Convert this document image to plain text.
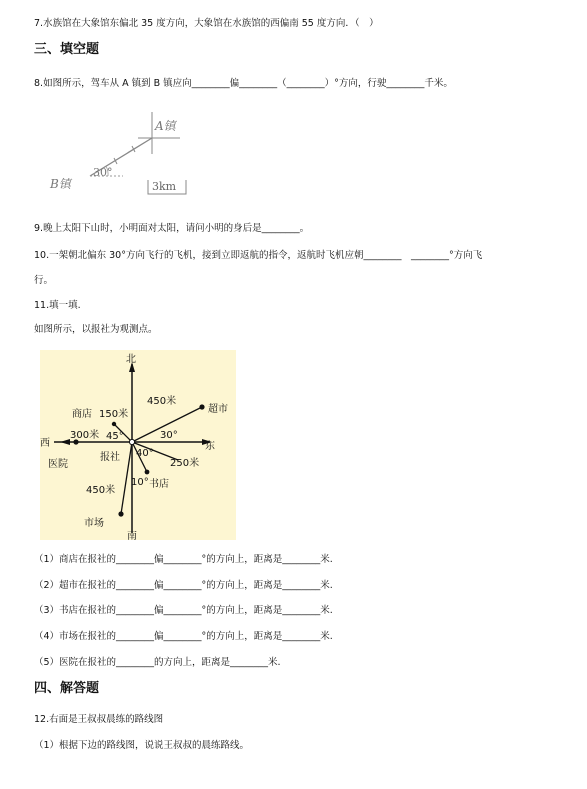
7.水族馆在大象馆东偏北 35 度方向，大象馆在水族馆的西偏南 55 度方向．（　）
三、填空题
8.如图所示，驾车从 A 镇到 B 镇应向________偏________（________）°方向，行驶________千米。
A镇
B镇
30°
3km
9.晚上太阳下山时，小明面对太阳，请问小明的身后是________。
10.一架朝北偏东 30°方向飞行的飞机，接到立即返航的指令，返航时飞机应朝________　________°方向飞
行。
11.填一填.
如图所示，以报社为观测点。
北
南
东
西
报社
450米
超市
30°
商店 150米
45°
300米
医院
40°
250米
书店
10°
450米
市场
（1）商店在报社的________偏________°的方向上，距离是________米.
（2）超市在报社的________偏________°的方向上，距离是________米.
（3）书店在报社的________偏________°的方向上，距离是________米.
（4）市场在报社的________偏________°的方向上，距离是________米.
（5）医院在报社的________的方向上，距离是________米.
四、解答题
12.右面是王叔叔晨练的路线图
（1）根据下边的路线图，说说王叔叔的晨练路线。
